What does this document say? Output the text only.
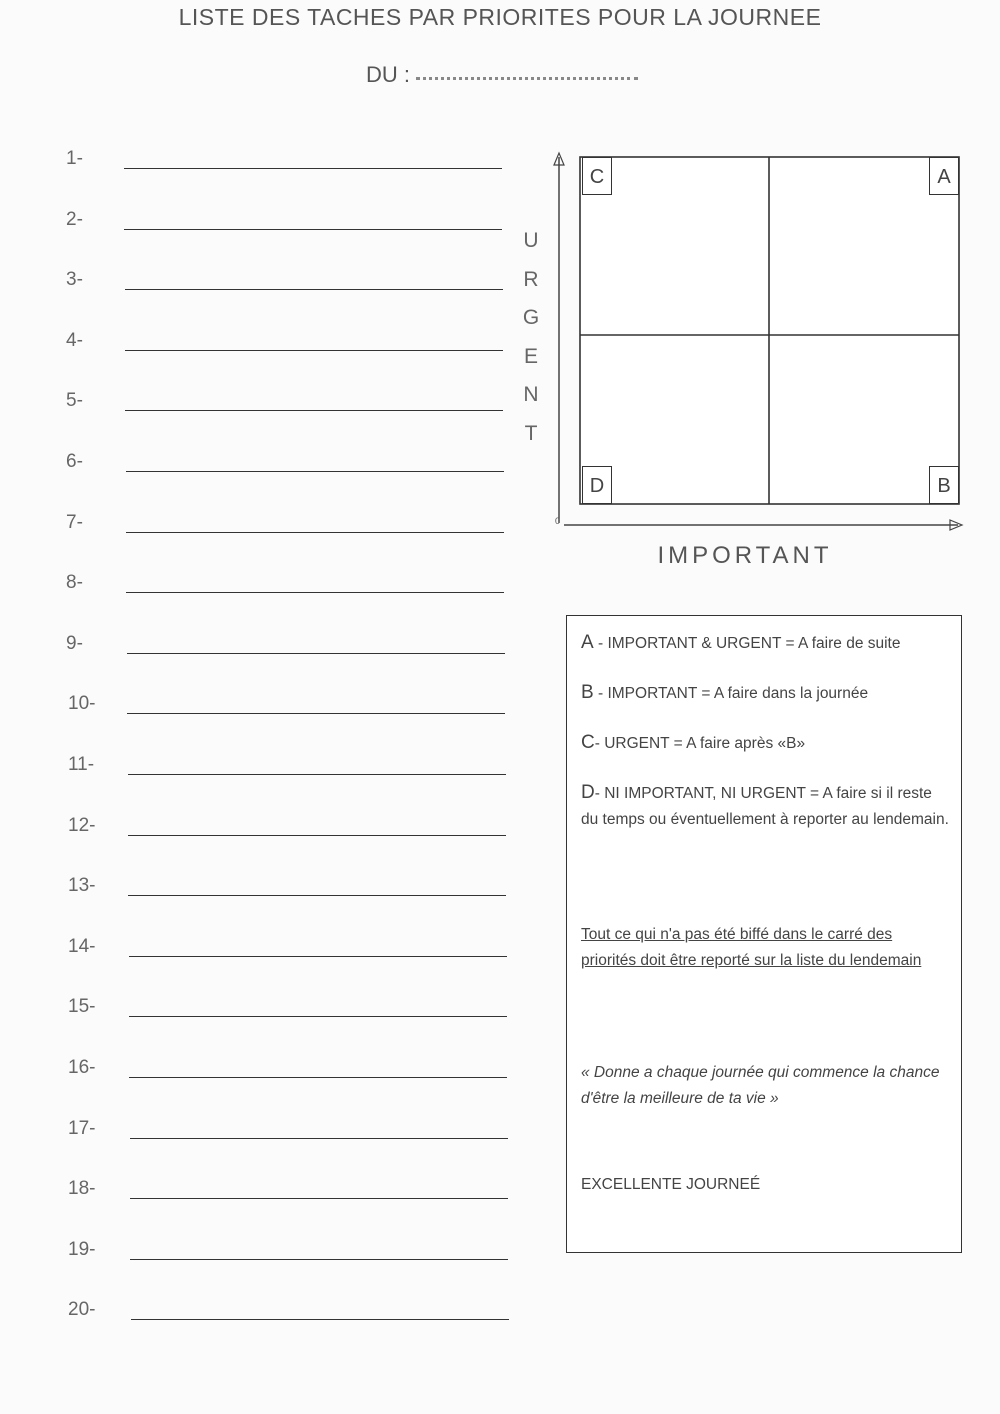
LISTE DES TACHES PAR PRIORITES POUR LA JOURNEE
DU :
1-
2-
3-
4-
5-
6-
7-
8-
9-
10-
11-
12-
13-
14-
15-
16-
17-
18-
19-
20-
U
R
G
E
N
T
0
C	A
D	B
IMPORTANT

A - IMPORTANT & URGENT = A faire de suite

B - IMPORTANT = A faire dans la journée

C- URGENT = A faire après «B»

D- NI IMPORTANT, NI URGENT = A faire si il reste du temps ou éventuellement à reporter au lendemain.

Tout ce qui n'a pas été biffé dans le carré des priorités doit être reporté sur la liste du lendemain

« Donne a chaque journée qui commence la chance d'être la meilleure de ta vie »

EXCELLENTE JOURNEÉ
